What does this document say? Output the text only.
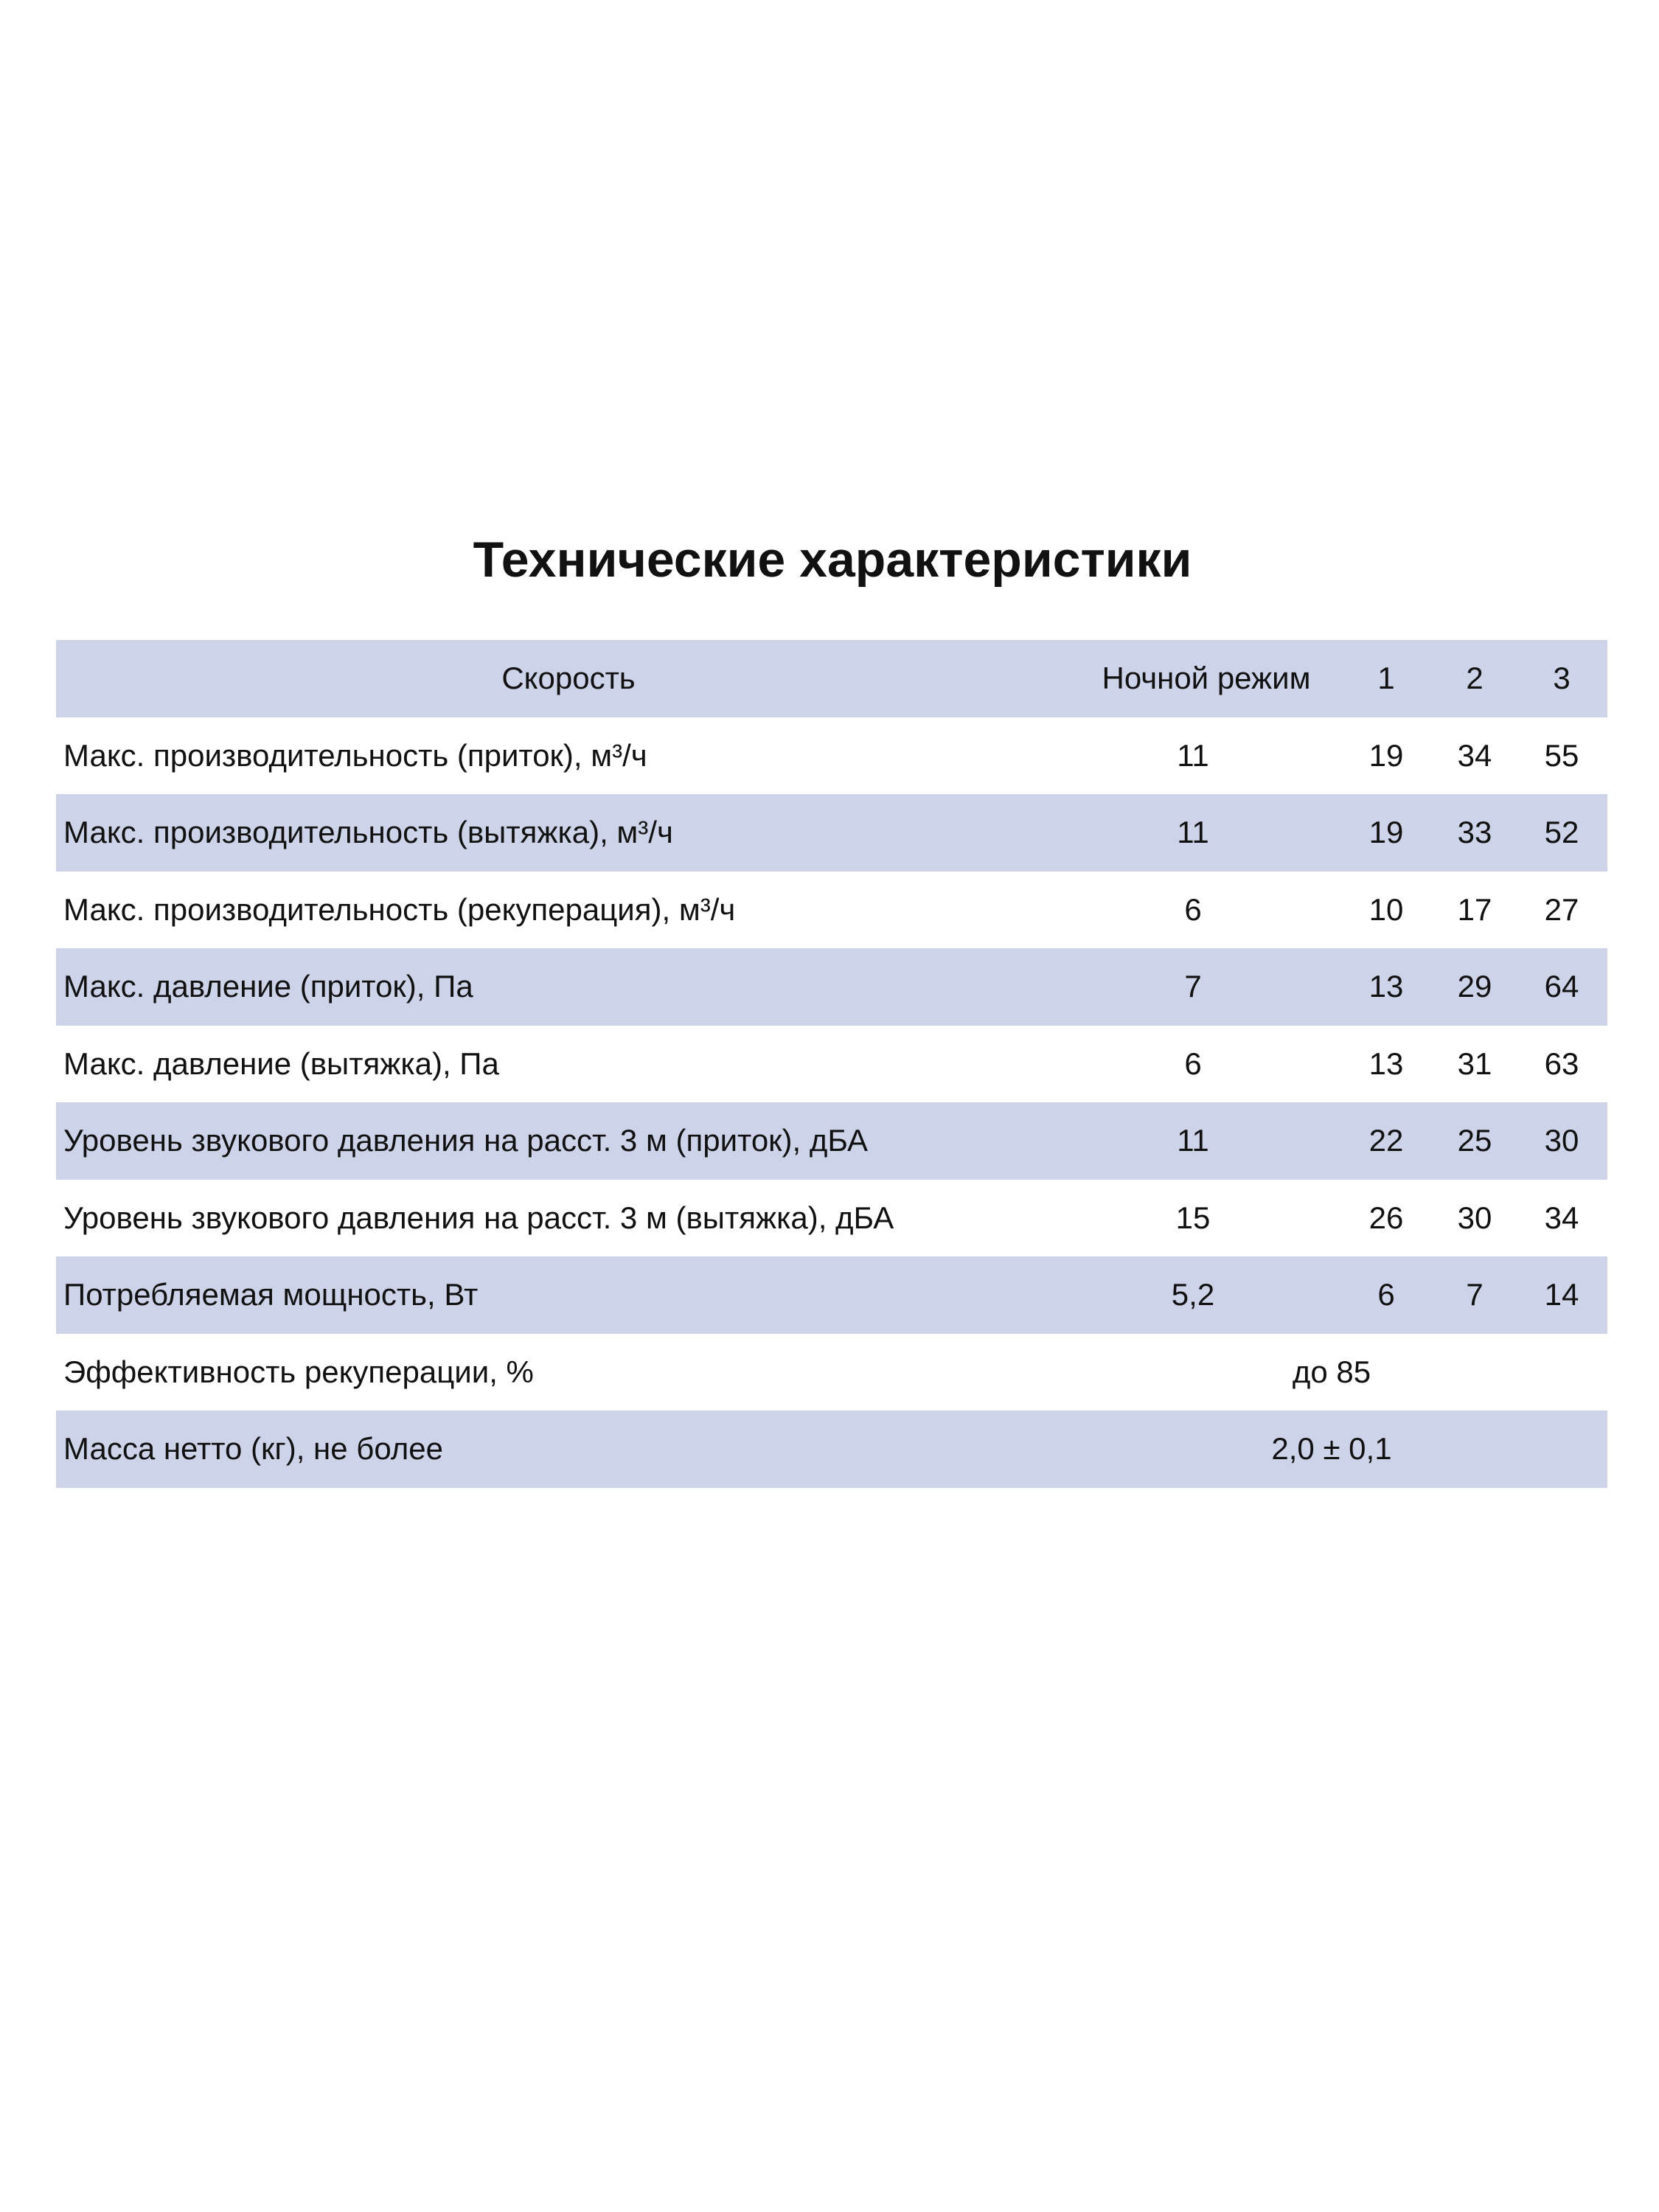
Технические характеристики
Скорость	Ночной режим	1	2	3
Макс. производительность (приток), м³/ч	11	19	34	55
Макс. производительность (вытяжка), м³/ч	11	19	33	52
Макс. производительность (рекуперация), м³/ч	6	10	17	27
Макс. давление (приток), Па	7	13	29	64
Макс. давление (вытяжка), Па	6	13	31	63
Уровень звукового давления на расст. 3 м (приток), дБА	11	22	25	30
Уровень звукового давления на расст. 3 м (вытяжка), дБА	15	26	30	34
Потребляемая мощность, Вт	5,2	6	7	14
Эффективность рекуперации, %	до 85
Масса нетто (кг), не более	2,0 ± 0,1
